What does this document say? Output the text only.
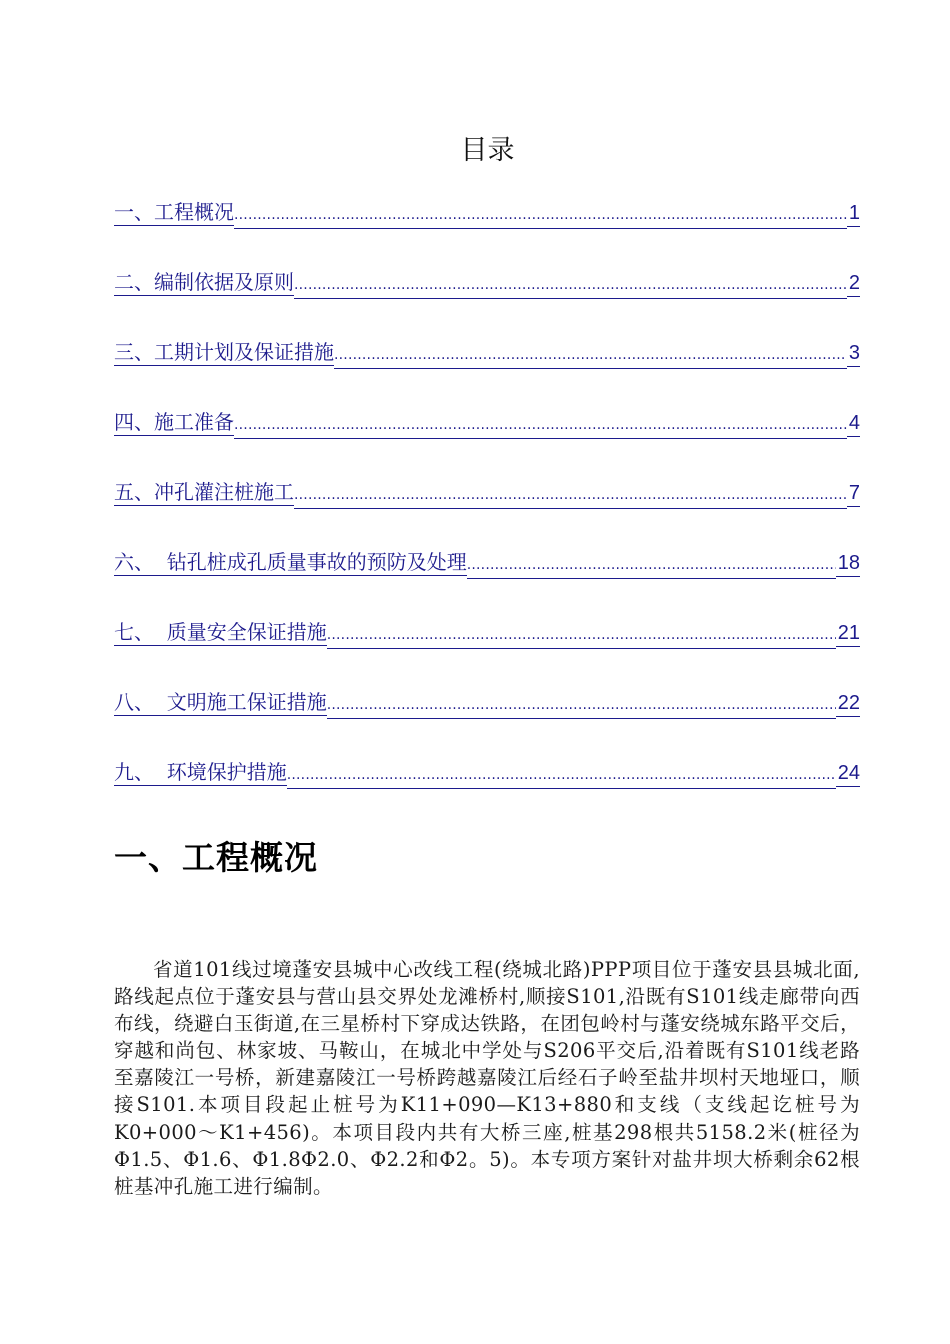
目录
一、工程概况 .....	1
二、编制依据及原则 .....	2
三、工期计划及保证措施 .....	3
四、施工准备 .....	4
五、冲孔灌注桩施工 .....	7
六、  钻孔桩成孔质量事故的预防及处理 .....	18
七、  质量安全保证措施 .....	21
八、  文明施工保证措施 .....	22
九、  环境保护措施 .....	24
一、工程概况

省道101线过境蓬安县城中心改线工程(绕城北路)PPP项目位于蓬安县县城北面,路线起点位于蓬安县与营山县交界处龙滩桥村,顺接S101,沿既有S101线走廊带向西布线，绕避白玉街道,在三星桥村下穿成达铁路，在团包岭村与蓬安绕城东路平交后，穿越和尚包、林家坡、马鞍山，在城北中学处与S206平交后,沿着既有S101线老路至嘉陵江一号桥，新建嘉陵江一号桥跨越嘉陵江后经石子岭至盐井坝村天地垭口，顺接S101.本项目段起止桩号为K11+090—K13+880和支线（支线起讫桩号为K0+000～K1+456)。本项目段内共有大桥三座,桩基298根共5158.2米(桩径为Φ1.5、Φ1.6、Φ1.8Φ2.0、Φ2.2和Φ2。5)。本专项方案针对盐井坝大桥剩余62根桩基冲孔施工进行编制。
